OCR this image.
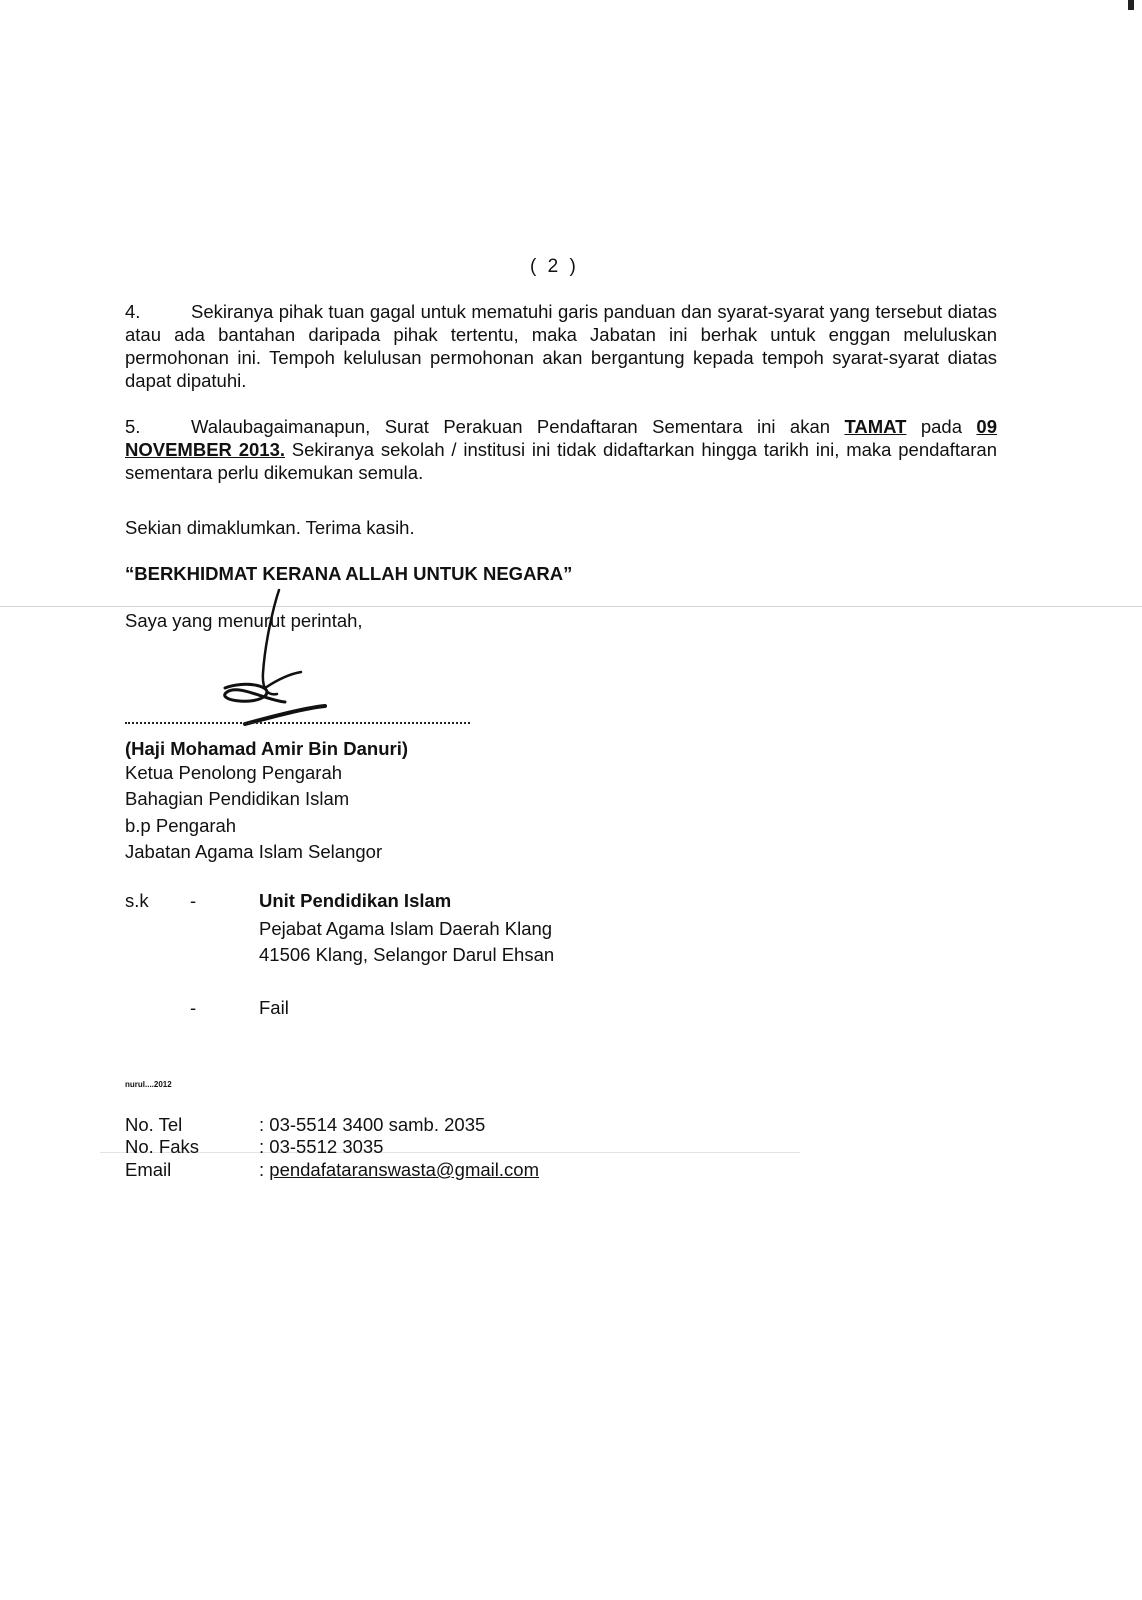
( 2 )
4.	Sekiranya pihak tuan gagal untuk mematuhi garis panduan dan syarat-syarat yang tersebut diatas atau ada bantahan daripada pihak tertentu, maka Jabatan ini berhak untuk enggan meluluskan permohonan ini. Tempoh kelulusan permohonan akan bergantung kepada tempoh syarat-syarat diatas dapat dipatuhi.
5.	Walaubagaimanapun, Surat Perakuan Pendaftaran Sementara ini akan TAMAT pada 09 NOVEMBER 2013. Sekiranya sekolah / institusi ini tidak didaftarkan hingga tarikh ini, maka pendaftaran sementara perlu dikemukan semula.
Sekian dimaklumkan. Terima kasih.
“BERKHIDMAT KERANA ALLAH UNTUK NEGARA”
Saya yang menurut perintah,
(Haji Mohamad Amir Bin Danuri)
Ketua Penolong Pengarah
Bahagian Pendidikan Islam
b.p Pengarah
Jabatan Agama Islam Selangor
s.k -	Unit Pendidikan Islam
Pejabat Agama Islam Daerah Klang
41506 Klang, Selangor Darul Ehsan
-	Fail
nurul....2012
No. Tel	: 03-5514 3400 samb. 2035
No. Faks	: 03-5512 3035
Email	: pendafataranswasta@gmail.com
